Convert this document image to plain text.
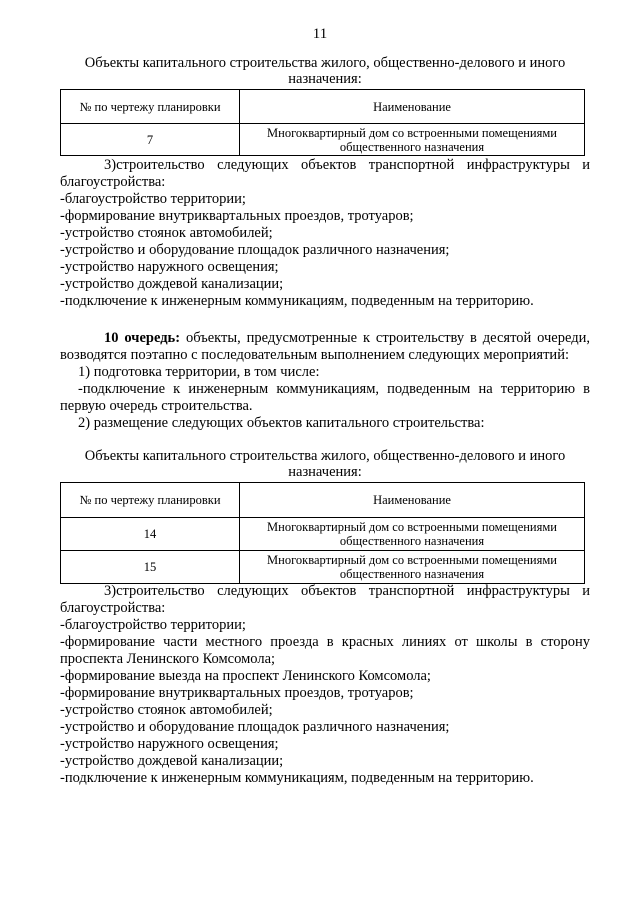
11
Объекты капитального строительства жилого, общественно-делового и иного
назначения:
№ по чертежу планировки	Наименование
7	Многоквартирный дом со встроенными помещениями
общественного назначения
3)строительство следующих объектов транспортной инфраструктуры и
благоустройства:
-благоустройство территории;
-формирование внутриквартальных проездов, тротуаров;
-устройство стоянок автомобилей;
-устройство и оборудование площадок различного назначения;
-устройство наружного освещения;
-устройство дождевой канализации;
-подключение к инженерным коммуникациям, подведенным на территорию.
10 очередь: объекты, предусмотренные к строительству в десятой очереди,
возводятся поэтапно с последовательным выполнением следующих мероприятий:
1) подготовка территории, в том числе:
-подключение к инженерным коммуникациям, подведенным на территорию в
первую очередь строительства.
2) размещение следующих объектов капитального строительства:
Объекты капитального строительства жилого, общественно-делового и иного
назначения:
№ по чертежу планировки	Наименование
14	Многоквартирный дом со встроенными помещениями
общественного назначения

15	Многоквартирный дом со встроенными помещениями
общественного назначения
3)строительство следующих объектов транспортной инфраструктуры и
благоустройства:
-благоустройство территории;
-формирование части местного проезда в красных линиях от школы в сторону
проспекта Ленинского Комсомола;
-формирование выезда на проспект Ленинского Комсомола;
-формирование внутриквартальных проездов, тротуаров;
-устройство стоянок автомобилей;
-устройство и оборудование площадок различного назначения;
-устройство наружного освещения;
-устройство дождевой канализации;
-подключение к инженерным коммуникациям, подведенным на территорию.
